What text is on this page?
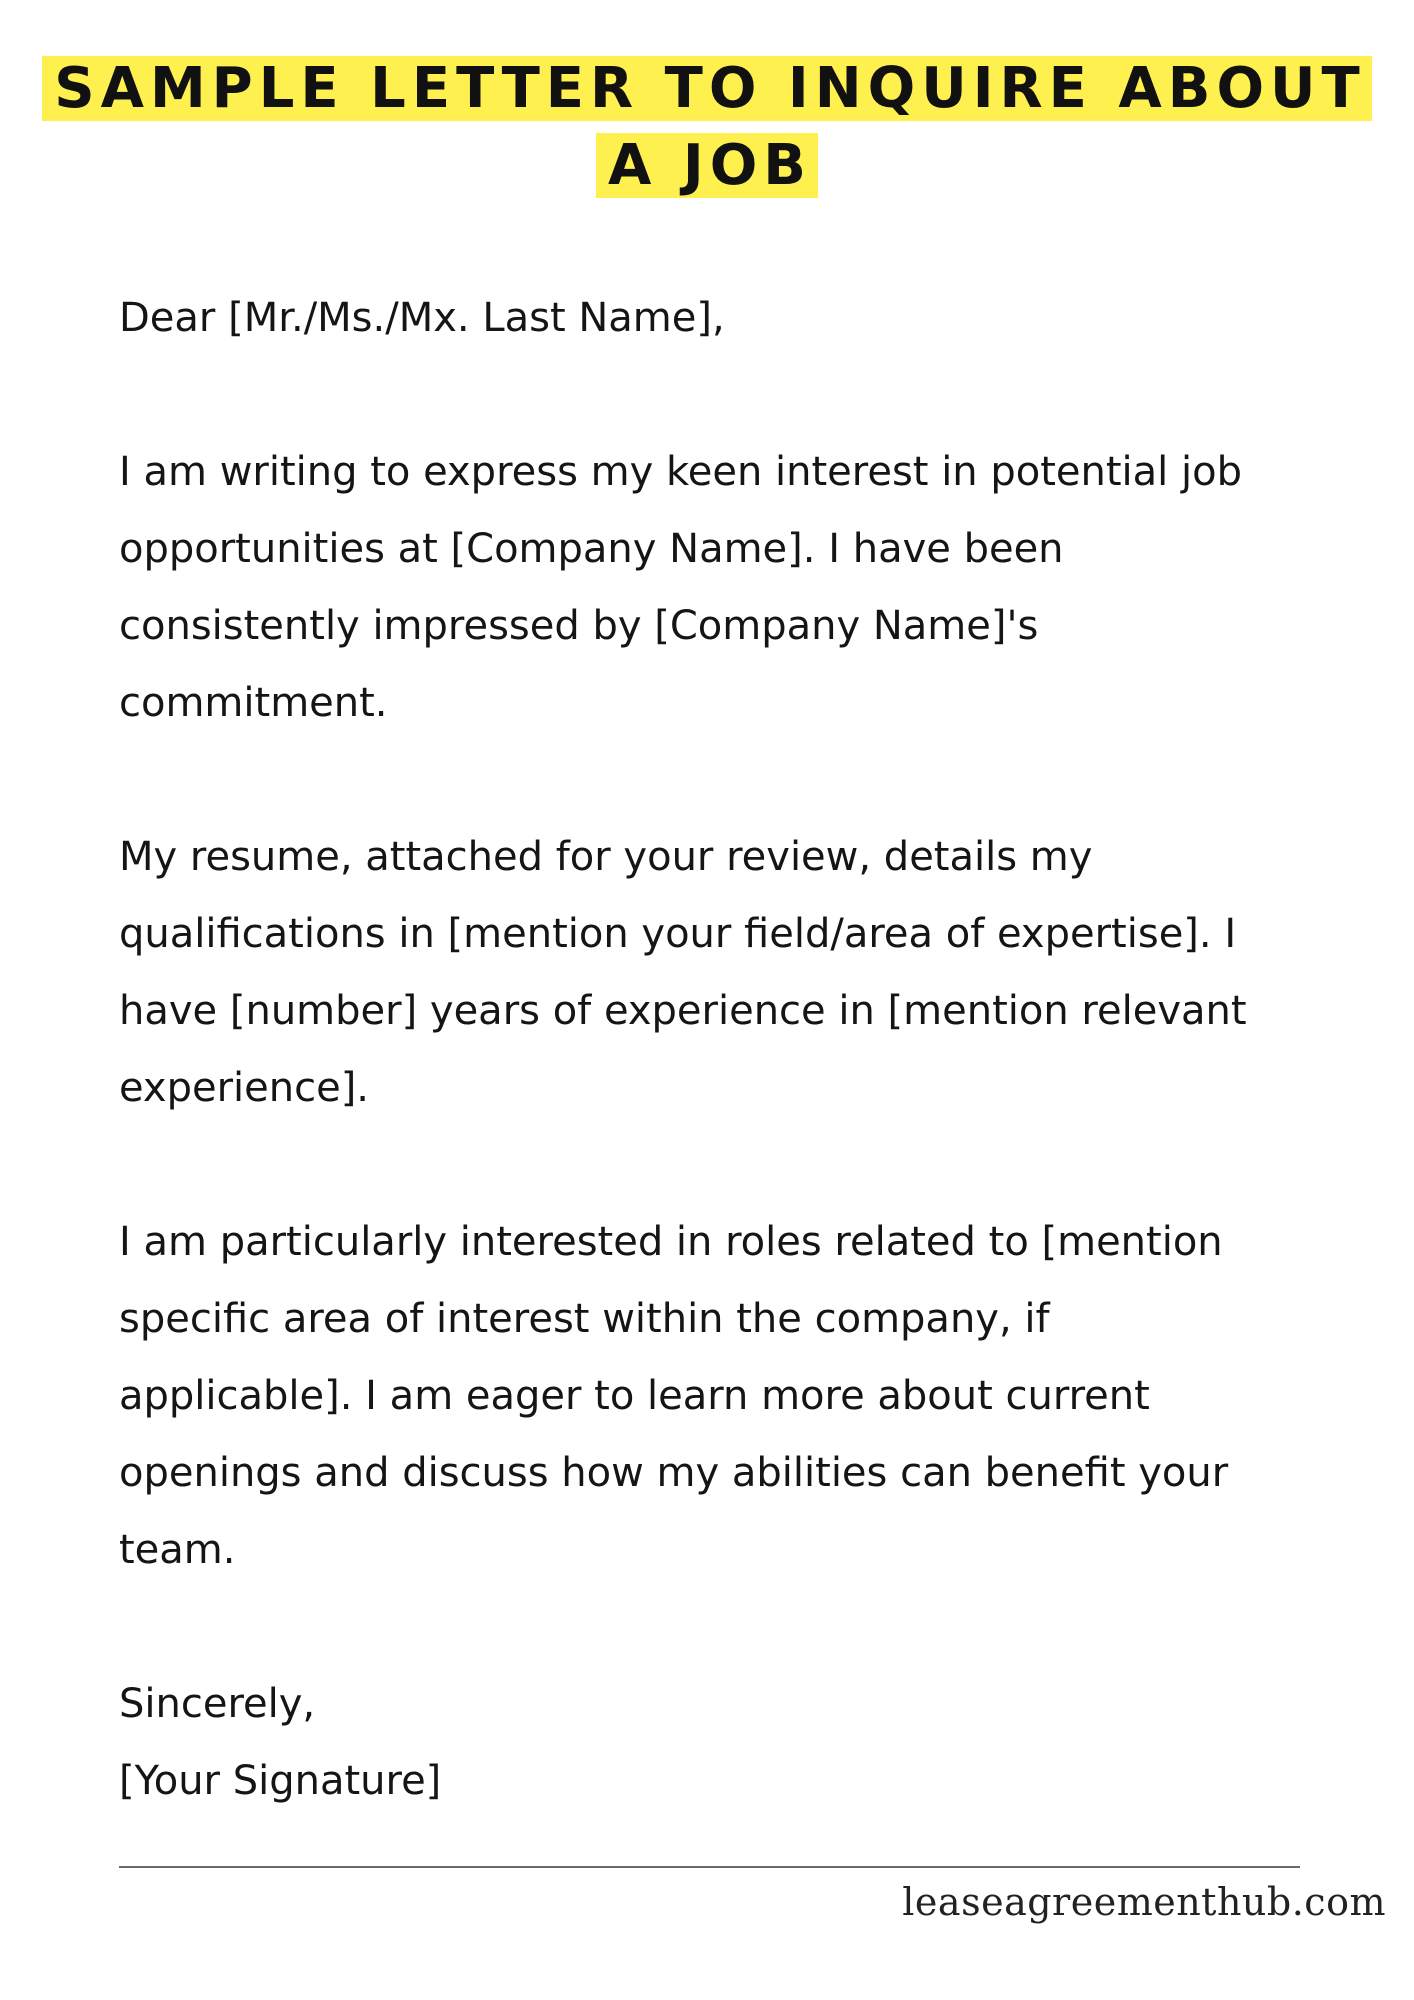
SAMPLE LETTER TO INQUIRE ABOUT
A JOB

Dear [Mr./Ms./Mx. Last Name],

I am writing to express my keen interest in potential job
opportunities at [Company Name]. I have been
consistently impressed by [Company Name]'s
commitment.

My resume, attached for your review, details my
qualifications in [mention your field/area of expertise]. I
have [number] years of experience in [mention relevant
experience].

I am particularly interested in roles related to [mention
specific area of interest within the company, if
applicable]. I am eager to learn more about current
openings and discuss how my abilities can benefit your
team.

Sincerely,
[Your Signature]

leaseagreementhub.com
